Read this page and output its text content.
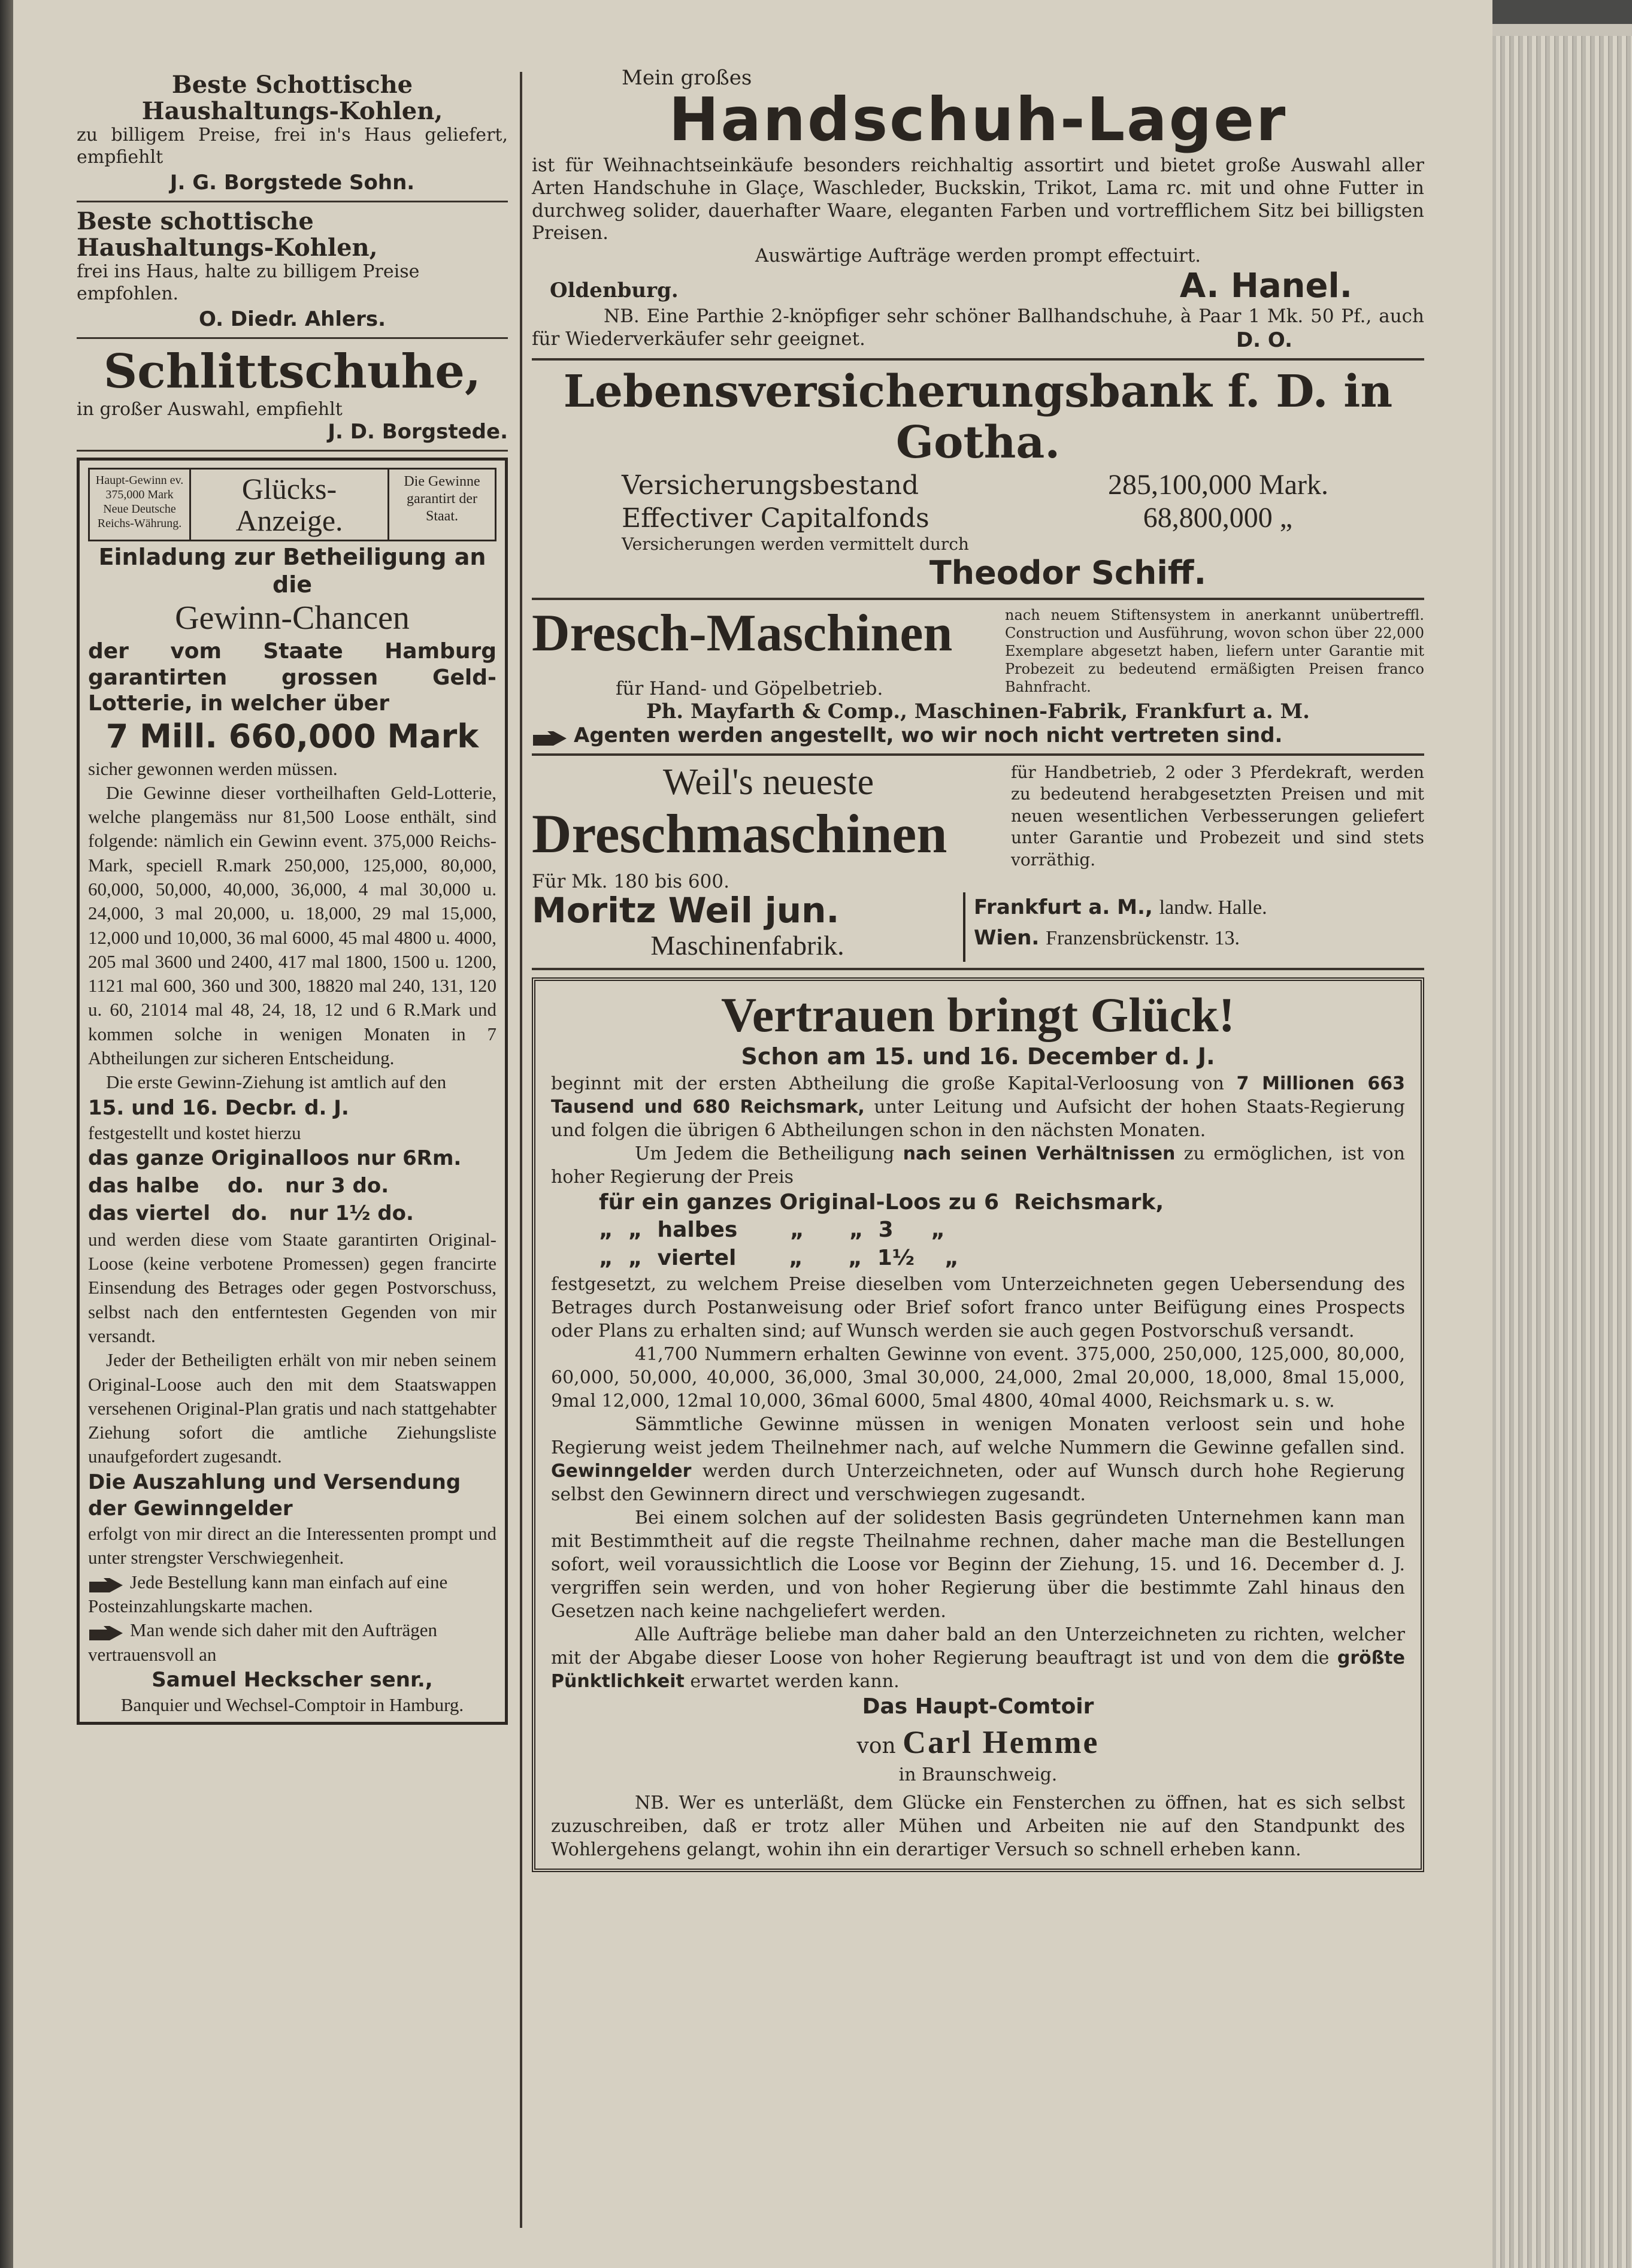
Beste Schottische Haushaltungs-Kohlen,

zu billigem Preise, frei in's Haus geliefert, empfiehlt

J. G. Borgstede Sohn.

Beste schottische Haushaltungs-Kohlen,

frei ins Haus, halte zu billigem Preise empfohlen.

O. Diedr. Ahlers.

Schlittschuhe,

in großer Auswahl, empfiehlt

J. D. Borgstede.

Haupt-Gewinn ev. 375,000 Mark Neue Deutsche Reichs-Währung.
Glücks-Anzeige.
Die Gewinne garantirt der Staat.

Einladung zur Betheiligung an die

Gewinn-Chancen

der vom Staate Hamburg garantirten grossen Geld-Lotterie, in welcher über

7 Mill. 660,000 Mark

sicher gewonnen werden müssen.

Die Gewinne dieser vortheilhaften Geld-Lotterie, welche plangemäss nur 81,500 Loose enthält, sind folgende: nämlich ein Gewinn event. 375,000 Reichs-Mark, speciell R.mark 250,000, 125,000, 80,000, 60,000, 50,000, 40,000, 36,000, 4 mal 30,000 u. 24,000, 3 mal 20,000, u. 18,000, 29 mal 15,000, 12,000 und 10,000, 36 mal 6000, 45 mal 4800 u. 4000, 205 mal 3600 und 2400, 417 mal 1800, 1500 u. 1200, 1121 mal 600, 360 und 300, 18820 mal 240, 131, 120 u. 60, 21014 mal 48, 24, 18, 12 und 6 R.Mark und kommen solche in wenigen Monaten in 7 Abtheilungen zur sicheren Entscheidung.

Die erste Gewinn-Ziehung ist amtlich auf den

15. und 16. Decbr. d. J.

festgestellt und kostet hierzu

das ganze Originalloos nur 6Rm.

das halbe    do.   nur 3 do.

das viertel   do.   nur 1½ do.

und werden diese vom Staate garantirten Original-Loose (keine verbotene Promessen) gegen francirte Einsendung des Betrages oder gegen Postvorschuss, selbst nach den entferntesten Gegenden von mir versandt.

Jeder der Betheiligten erhält von mir neben seinem Original-Loose auch den mit dem Staatswappen versehenen Original-Plan gratis und nach stattgehabter Ziehung sofort die amtliche Ziehungsliste unaufgefordert zugesandt.

Die Auszahlung und Versendung der Gewinngelder

erfolgt von mir direct an die Interessenten prompt und unter strengster Verschwiegenheit.

Jede Bestellung kann man einfach auf eine Posteinzahlungskarte machen.

Man wende sich daher mit den Aufträgen vertrauensvoll an

Samuel Heckscher senr.,

Banquier und Wechsel-Comptoir in Hamburg.

Mein großes

Handschuh-Lager

ist für Weihnachtseinkäufe besonders reichhaltig assortirt und bietet große Auswahl aller Arten Handschuhe in Glaçe, Waschleder, Buckskin, Trikot, Lama rc. mit und ohne Futter in durchweg solider, dauerhafter Waare, eleganten Farben und vortrefflichem Sitz bei billigsten Preisen.

Auswärtige Aufträge werden prompt effectuirt.

Oldenburg.	A. Hanel.

NB. Eine Parthie 2-knöpfiger sehr schöner Ballhandschuhe, à Paar 1 Mk. 50 Pf., auch für Wiederverkäufer sehr geeignet.	D. O.

Lebensversicherungsbank f. D. in Gotha.

Versicherungsbestand	285,100,000 Mark.
Effectiver Capitalfonds	68,800,000 „

Versicherungen werden vermittelt durch

Theodor Schiff.

Dresch-Maschinen	nach neuem Stiftensystem in anerkannt unübertreffl. Construction und Ausführung, wovon schon über 22,000 Exemplare abgesetzt haben, liefern unter Garantie mit Probezeit zu bedeutend ermäßigten Preisen franco Bahnfracht.

für Hand- und Göpelbetrieb.

Ph. Mayfarth & Comp., Maschinen-Fabrik, Frankfurt a. M.

Agenten werden angestellt, wo wir noch nicht vertreten sind.

Weil's neueste

Dreschmaschinen

für Handbetrieb, 2 oder 3 Pferdekraft, werden zu bedeutend herabgesetzten Preisen und mit neuen wesentlichen Verbesserungen geliefert unter Garantie und Probezeit und sind stets vorräthig.

Für Mk. 180 bis 600.

Moritz Weil jun.

Maschinenfabrik.

Frankfurt a. M., landw. Halle.

Wien. Franzensbrückenstr. 13.

Vertrauen bringt Glück!

Schon am 15. und 16. December d. J.

beginnt mit der ersten Abtheilung die große Kapital-Verloosung von 7 Millionen 663 Tausend und 680 Reichsmark, unter Leitung und Aufsicht der hohen Staats-Regierung und folgen die übrigen 6 Abtheilungen schon in den nächsten Monaten.

Um Jedem die Betheiligung nach seinen Verhältnissen zu ermöglichen, ist von hoher Regierung der Preis

für ein ganzes Original-Loos zu 6  Reichsmark,

„  „  halbes       „      „  3     „

„  „  viertel       „      „  1½    „

festgesetzt, zu welchem Preise dieselben vom Unterzeichneten gegen Uebersendung des Betrages durch Postanweisung oder Brief sofort franco unter Beifügung eines Prospects oder Plans zu erhalten sind; auf Wunsch werden sie auch gegen Postvorschuß versandt.

41,700 Nummern erhalten Gewinne von event. 375,000, 250,000, 125,000, 80,000, 60,000, 50,000, 40,000, 36,000, 3mal 30,000, 24,000, 2mal 20,000, 18,000, 8mal 15,000, 9mal 12,000, 12mal 10,000, 36mal 6000, 5mal 4800, 40mal 4000, Reichsmark u. s. w.

Sämmtliche Gewinne müssen in wenigen Monaten verloost sein und hohe Regierung weist jedem Theilnehmer nach, auf welche Nummern die Gewinne gefallen sind. Gewinngelder werden durch Unterzeichneten, oder auf Wunsch durch hohe Regierung selbst den Gewinnern direct und verschwiegen zugesandt.

Bei einem solchen auf der solidesten Basis gegründeten Unternehmen kann man mit Bestimmtheit auf die regste Theilnahme rechnen, daher mache man die Bestellungen sofort, weil voraussichtlich die Loose vor Beginn der Ziehung, 15. und 16. December d. J. vergriffen sein werden, und von hoher Regierung über die bestimmte Zahl hinaus den Gesetzen nach keine nachgeliefert werden.

Alle Aufträge beliebe man daher bald an den Unterzeichneten zu richten, welcher mit der Abgabe dieser Loose von hoher Regierung beauftragt ist und von dem die größte Pünktlichkeit erwartet werden kann.

Das Haupt-Comtoir

von Carl Hemme

in Braunschweig.

NB. Wer es unterläßt, dem Glücke ein Fensterchen zu öffnen, hat es sich selbst zuzuschreiben, daß er trotz aller Mühen und Arbeiten nie auf den Standpunkt des Wohlergehens gelangt, wohin ihn ein derartiger Versuch so schnell erheben kann.
